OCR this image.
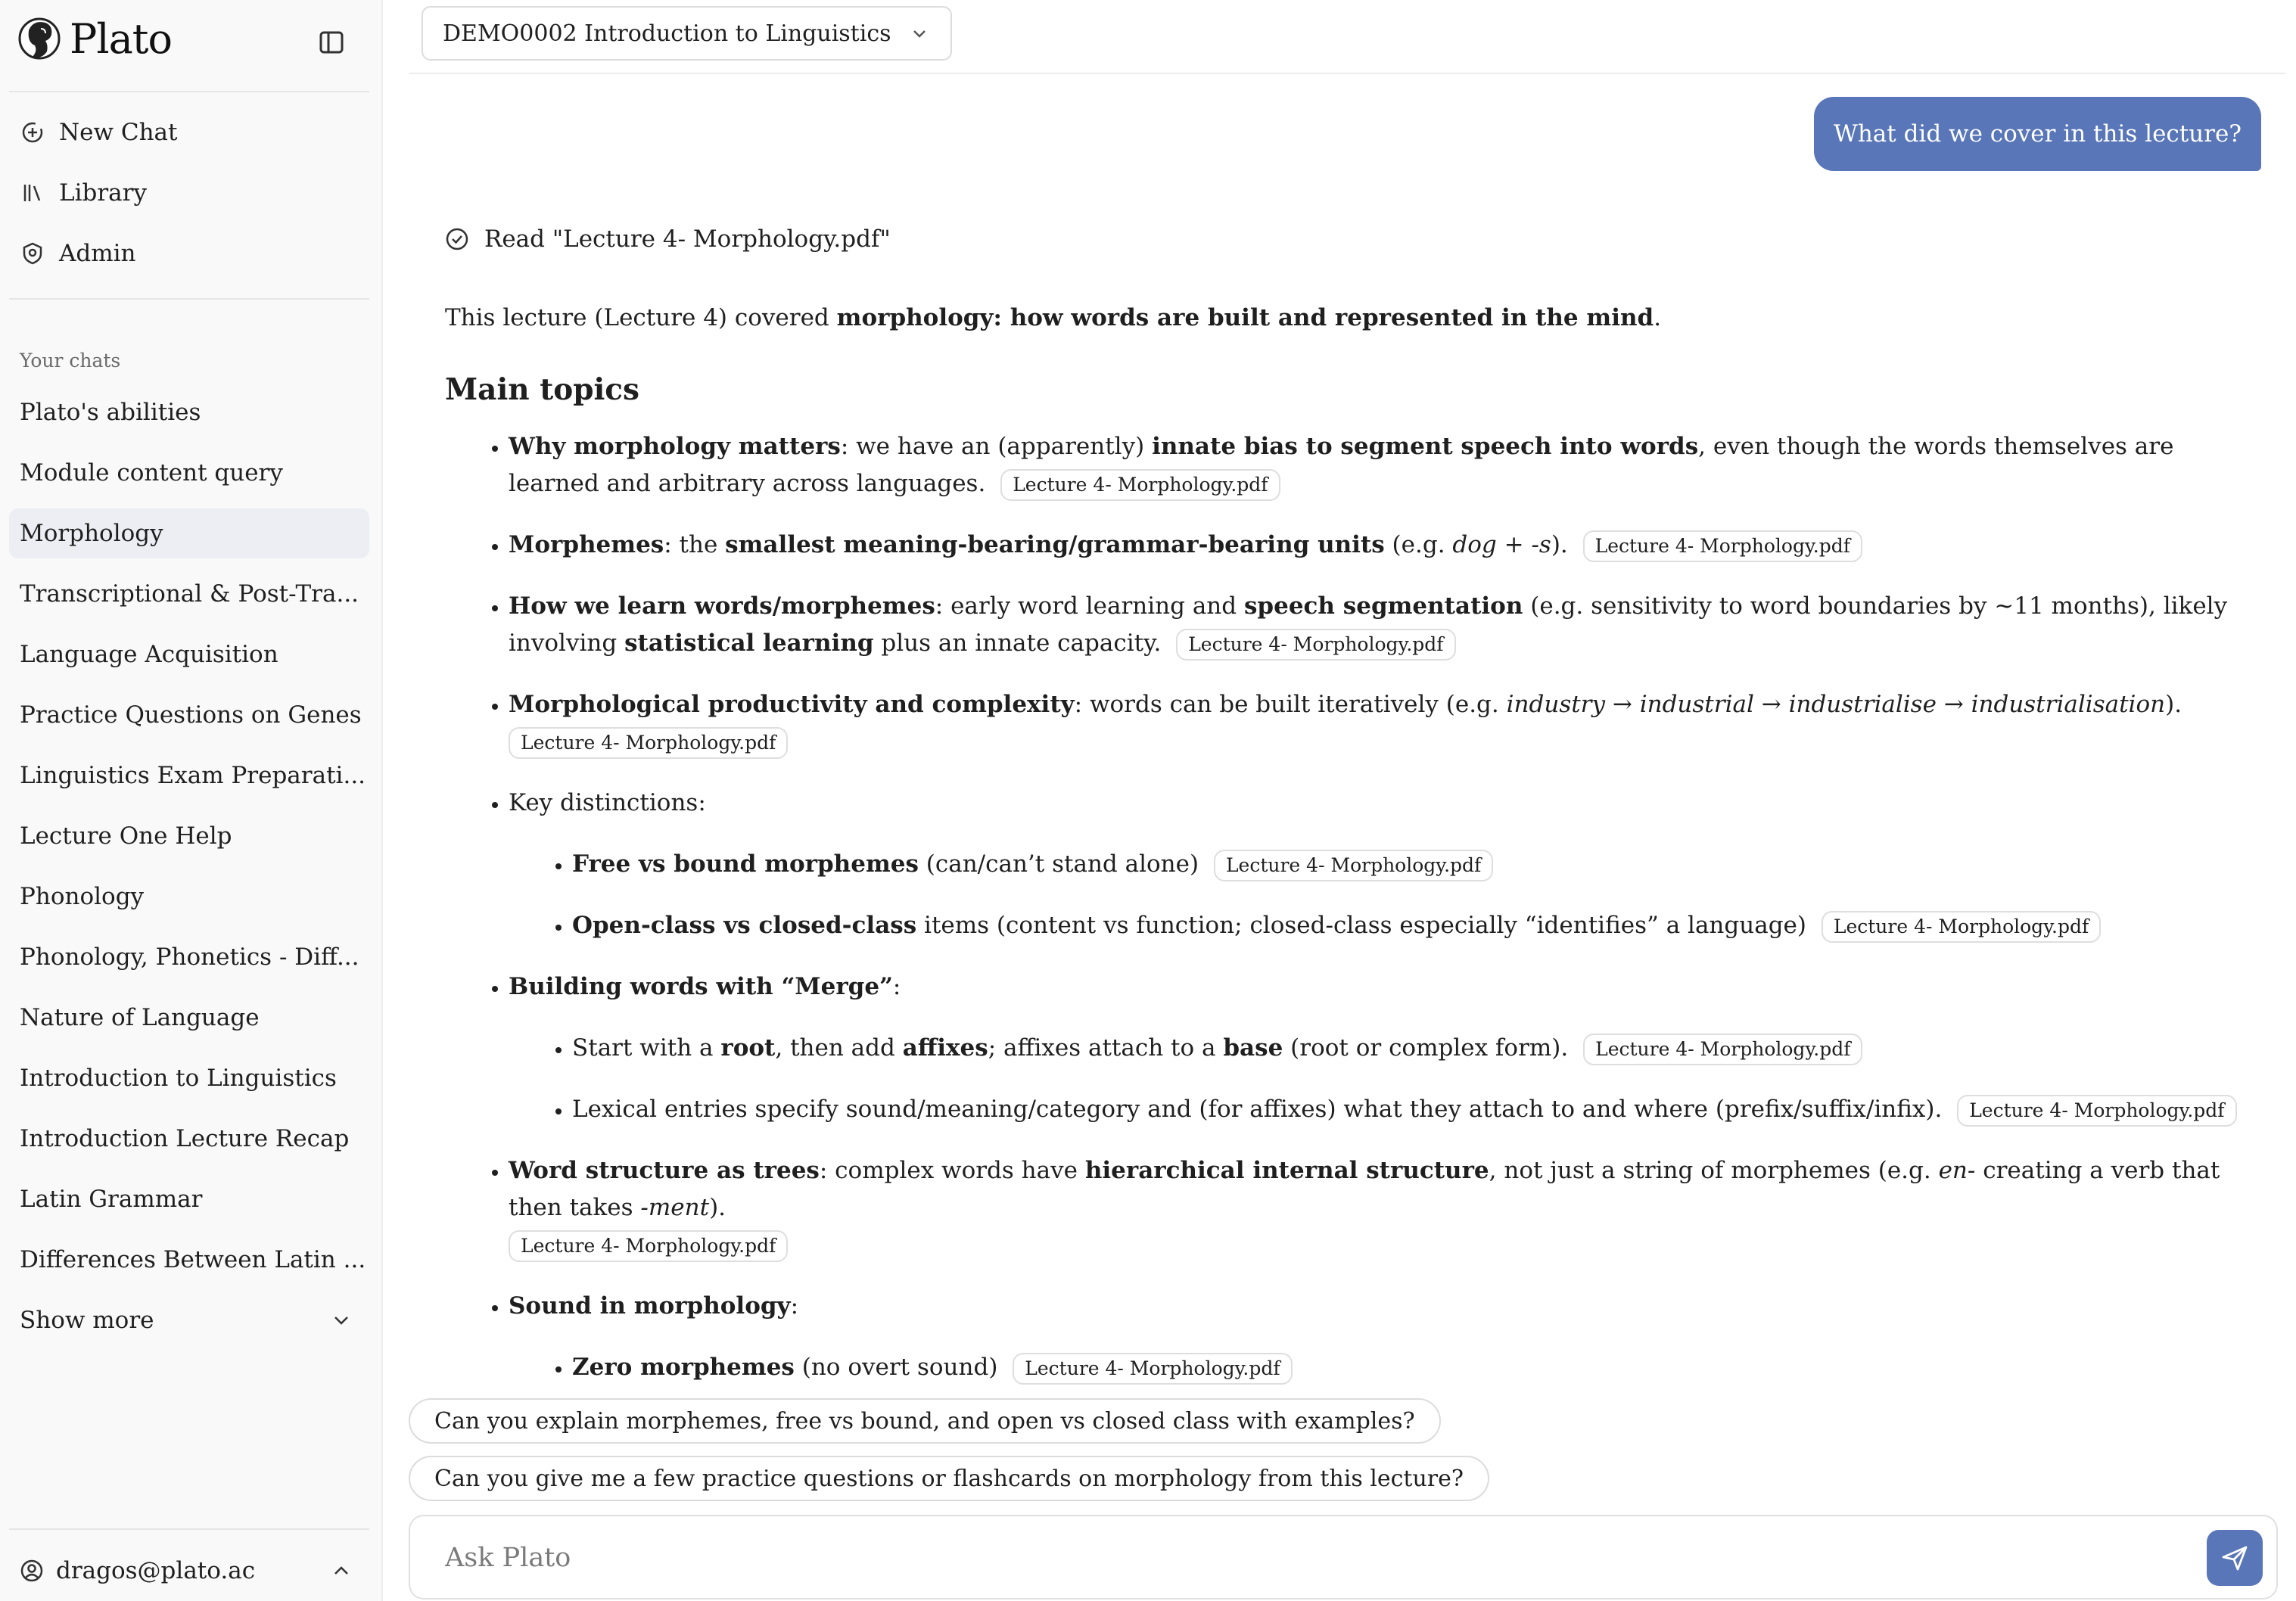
Plato
New Chat
Library
Admin
Your chats
Plato's abilities
Module content query
Morphology
Transcriptional & Post-Tra...
Language Acquisition
Practice Questions on Genes
Linguistics Exam Preparati...
Lecture One Help
Phonology
Phonology, Phonetics - Diff...
Nature of Language
Introduction to Linguistics
Introduction Lecture Recap
Latin Grammar
Differences Between Latin ...
Show more
dragos@plato.ac
DEMO0002 Introduction to Linguistics
What did we cover in this lecture?
Read "Lecture 4- Morphology.pdf"

This lecture (Lecture 4) covered morphology: how words are built and represented in the mind.

Main topics
• Why morphology matters: we have an (apparently) innate bias to segment speech into words, even though the words themselves are learned and arbitrary across languages. Lecture 4- Morphology.pdf
• Morphemes: the smallest meaning-bearing/grammar-bearing units (e.g. dog + -s). Lecture 4- Morphology.pdf
• How we learn words/morphemes: early word learning and speech segmentation (e.g. sensitivity to word boundaries by ~11 months), likely involving statistical learning plus an innate capacity. Lecture 4- Morphology.pdf
• Morphological productivity and complexity: words can be built iteratively (e.g. industry → industrial → industrialise → industrialisation).
Lecture 4- Morphology.pdf
• Key distinctions:
• Free vs bound morphemes (can/can’t stand alone) Lecture 4- Morphology.pdf
• Open-class vs closed-class items (content vs function; closed-class especially “identifies” a language) Lecture 4- Morphology.pdf
• Building words with “Merge”:
• Start with a root, then add affixes; affixes attach to a base (root or complex form). Lecture 4- Morphology.pdf
• Lexical entries specify sound/meaning/category and (for affixes) what they attach to and where (prefix/suffix/infix). Lecture 4- Morphology.pdf
• Word structure as trees: complex words have hierarchical internal structure, not just a string of morphemes (e.g. en- creating a verb that then takes -ment).
Lecture 4- Morphology.pdf
• Sound in morphology:
• Zero morphemes (no overt sound) Lecture 4- Morphology.pdf
Can you explain morphemes, free vs bound, and open vs closed class with examples?
Can you give me a few practice questions or flashcards on morphology from this lecture?
Ask Plato
